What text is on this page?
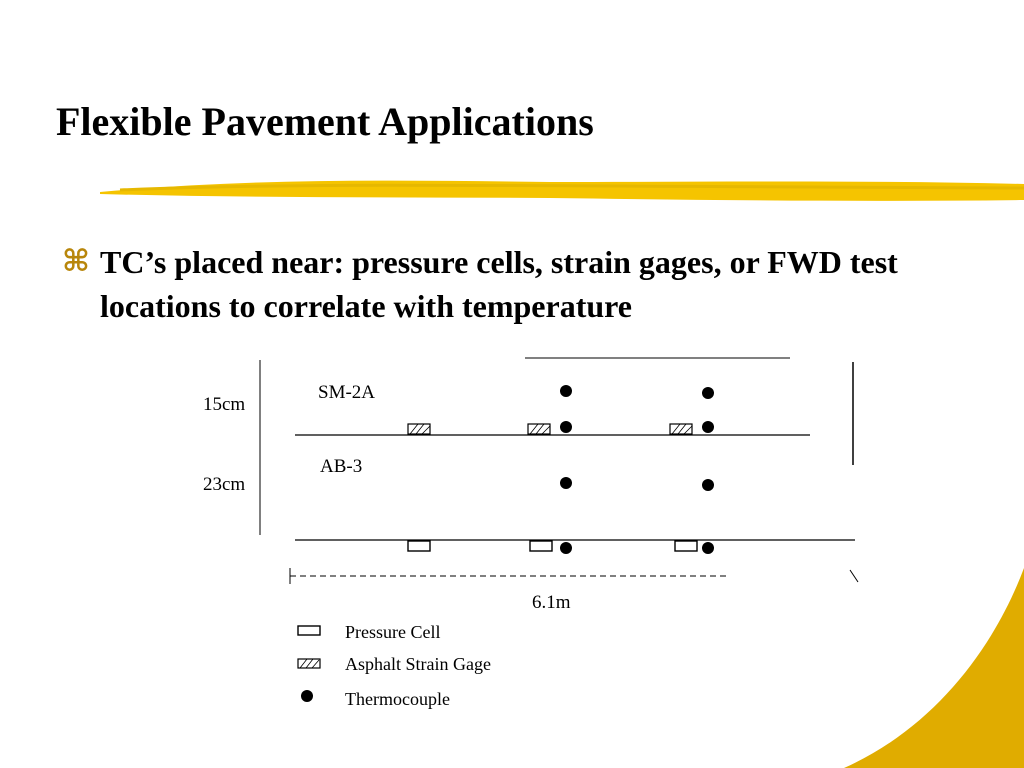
Flexible Pavement Applications
⌘ TC’s placed near: pressure cells, strain gages, or FWD test locations to correlate with temperature
SM-2A
AB-3
15cm
23cm
6.1m
Pressure Cell
Asphalt Strain Gage
Thermocouple
